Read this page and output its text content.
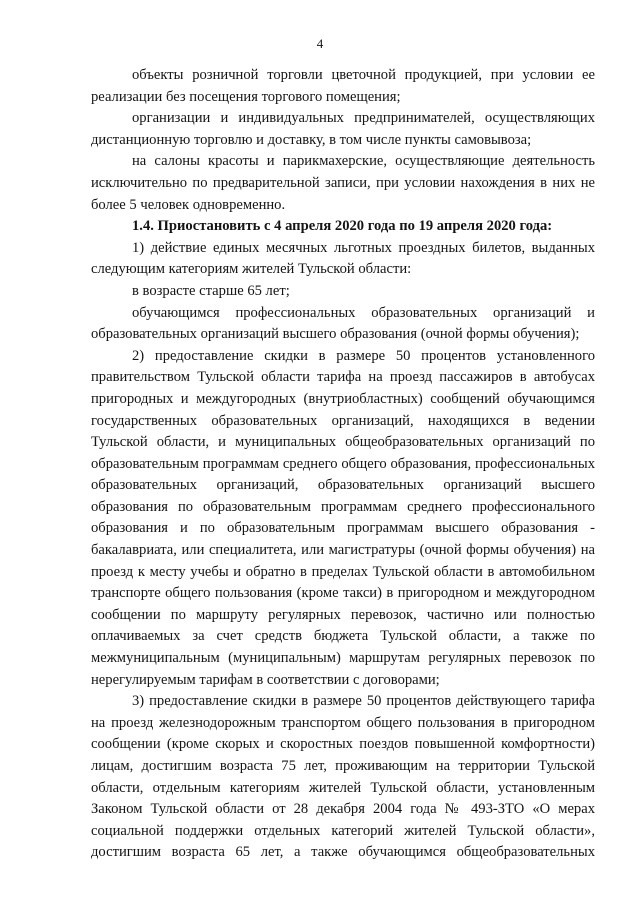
4

объекты розничной торговли цветочной продукцией, при условии ее реализации без посещения торгового помещения;

организации и индивидуальных предпринимателей, осуществляющих дистанционную торговлю и доставку, в том числе пункты самовывоза;

на салоны красоты и парикмахерские, осуществляющие деятельность исключительно по предварительной записи, при условии нахождения в них не более 5 человек одновременно.

1.4. Приостановить с 4 апреля 2020 года по 19 апреля 2020 года:

1) действие единых месячных льготных проездных билетов, выданных следующим категориям жителей Тульской области:

в возрасте старше 65 лет;

обучающимся профессиональных образовательных организаций и образовательных организаций высшего образования (очной формы обучения);

2) предоставление скидки в размере 50 процентов установленного правительством Тульской области тарифа на проезд пассажиров в автобусах пригородных и междугородных (внутриобластных) сообщений обучающимся государственных образовательных организаций, находящихся в ведении Тульской области, и муниципальных общеобразовательных организаций по образовательным программам среднего общего образования, профессиональных образовательных организаций, образовательных организаций высшего образования по образовательным программам среднего профессионального образования и по образовательным программам высшего образования - бакалавриата, или специалитета, или магистратуры (очной формы обучения) на проезд к месту учебы и обратно в пределах Тульской области в автомобильном транспорте общего пользования (кроме такси) в пригородном и междугородном сообщении по маршруту регулярных перевозок, частично или полностью оплачиваемых за счет средств бюджета Тульской области, а также по межмуниципальным (муниципальным) маршрутам регулярных перевозок по нерегулируемым тарифам в соответствии с договорами;

3) предоставление скидки в размере 50 процентов действующего тарифа на проезд железнодорожным транспортом общего пользования в пригородном сообщении (кроме скорых и скоростных поездов повышенной комфортности) лицам, достигшим возраста 75 лет, проживающим на территории Тульской области, отдельным категориям жителей Тульской области, установленным Законом Тульской области от 28 декабря 2004 года № 493-ЗТО «О мерах социальной поддержки отдельных категорий жителей Тульской области», достигшим возраста 65 лет, а также обучающимся общеобразовательных
